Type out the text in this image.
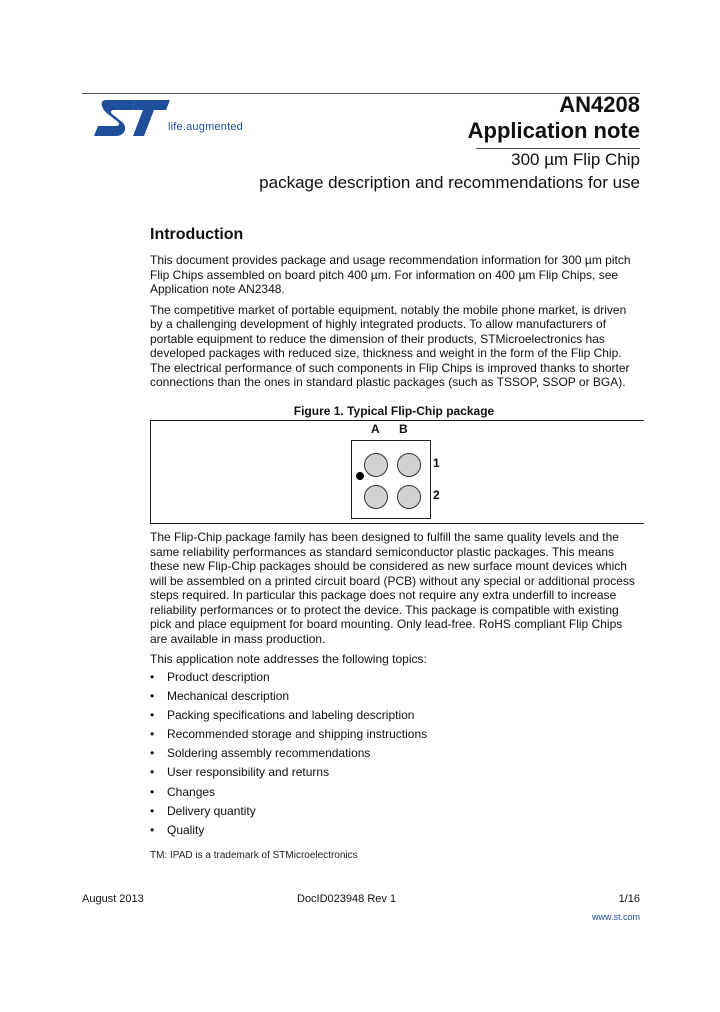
life.augmented
AN4208
Application note
300 µm Flip Chip
package description and recommendations for use
Introduction

This document provides package and usage recommendation information for 300 µm pitch Flip Chips assembled on board pitch 400 µm. For information on 400 µm Flip Chips, see Application note AN2348.

The competitive market of portable equipment, notably the mobile phone market, is driven by a challenging development of highly integrated products. To allow manufacturers of portable equipment to reduce the dimension of their products, STMicroelectronics has developed packages with reduced size, thickness and weight in the form of the Flip Chip. The electrical performance of such components in Flip Chips is improved thanks to shorter connections than the ones in standard plastic packages (such as TSSOP, SSOP or BGA).

Figure 1. Typical Flip-Chip package
A B
1
2

The Flip-Chip package family has been designed to fulfill the same quality levels and the same reliability performances as standard semiconductor plastic packages. This means these new Flip-Chip packages should be considered as new surface mount devices which will be assembled on a printed circuit board (PCB) without any special or additional process steps required. In particular this package does not require any extra underfill to increase reliability performances or to protect the device. This package is compatible with existing pick and place equipment for board mounting. Only lead-free. RoHS compliant Flip Chips are available in mass production.

This application note addresses the following topics:

• Product description
• Mechanical description
• Packing specifications and labeling description
• Recommended storage and shipping instructions
• Soldering assembly recommendations
• User responsibility and returns
• Changes
• Delivery quantity
• Quality
TM: IPAD is a trademark of STMicroelectronics
August 2013	DocID023948 Rev 1	1/16
www.st.com
